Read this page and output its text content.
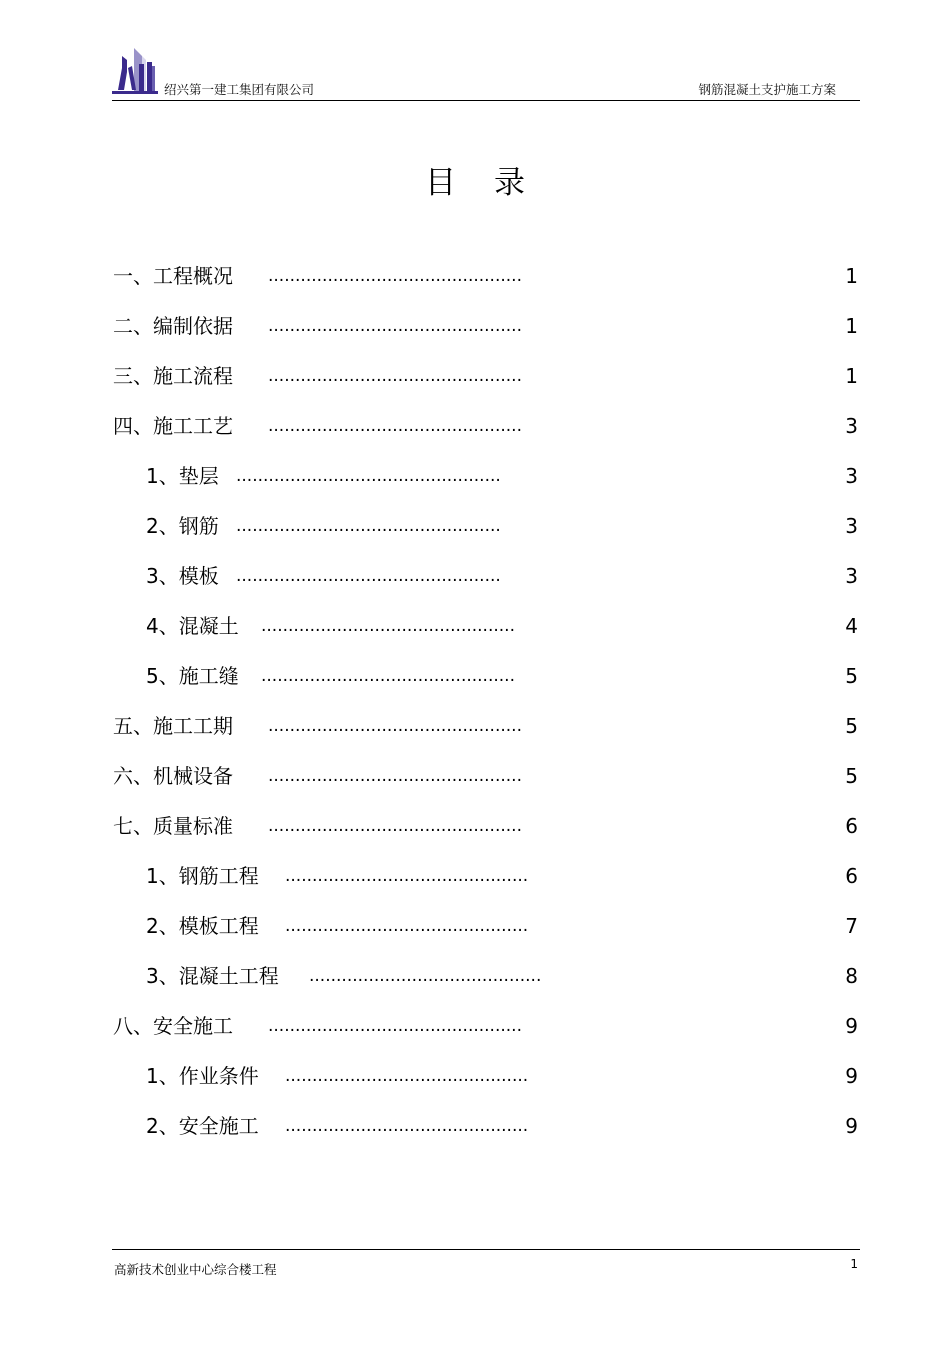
绍兴第一建工集团有限公司	钢筋混凝土支护施工方案
目录
一、工程概况 ...............................................	1
二、编制依据 ...............................................	1
三、施工流程 ...............................................	1
四、施工工艺 ...............................................	3
1、垫层 .................................................	3
2、钢筋 .................................................	3
3、模板 .................................................	3
4、混凝土 ...............................................	4
5、施工缝 ...............................................	5
五、施工工期 ...............................................	5
六、机械设备 ...............................................	5
七、质量标准 ...............................................	6
1、钢筋工程 .............................................	6
2、模板工程 .............................................	7
3、混凝土工程 ...........................................	8
八、安全施工 ...............................................	9
1、作业条件 .............................................	9
2、安全施工 .............................................	9
高新技术创业中心综合楼工程	1
